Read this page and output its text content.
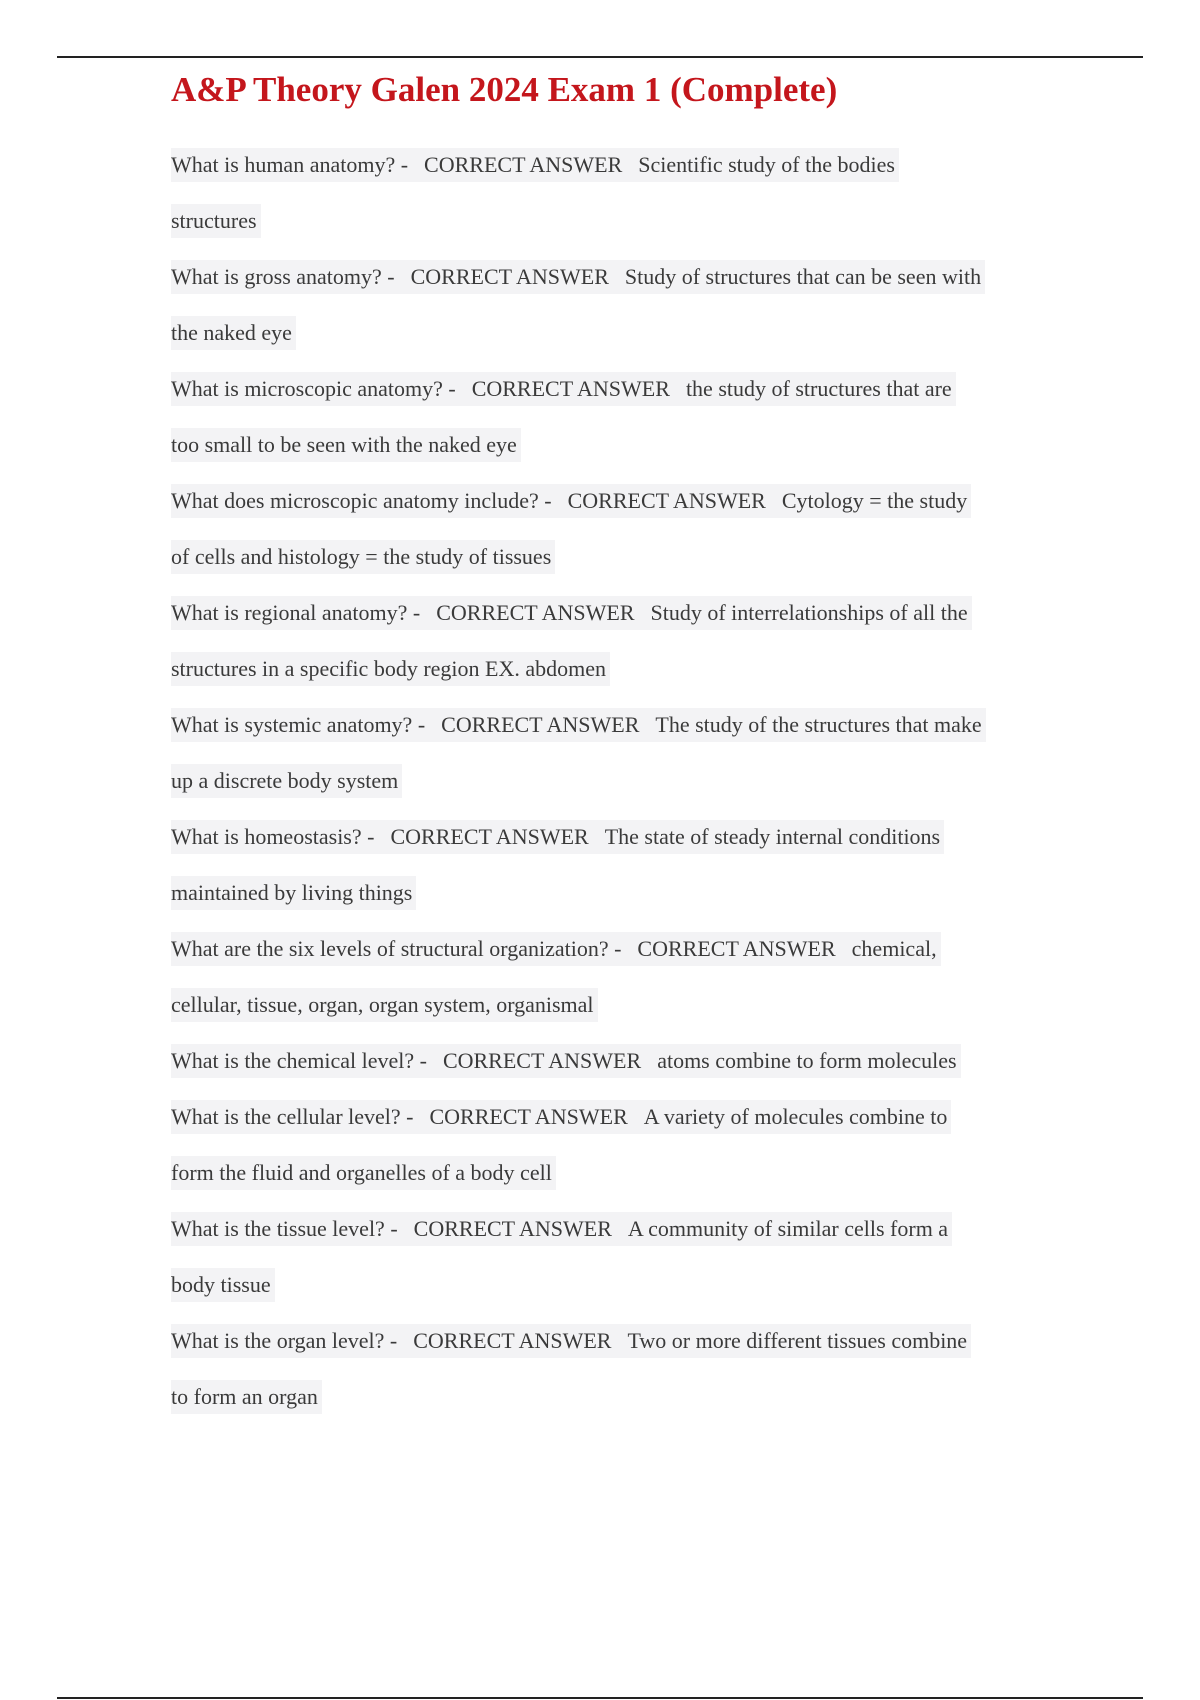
A&P Theory Galen 2024 Exam 1 (Complete)
What is human anatomy? - CORRECT ANSWER Scientific study of the bodies
structures
What is gross anatomy? - CORRECT ANSWER Study of structures that can be seen with
the naked eye
What is microscopic anatomy? - CORRECT ANSWER the study of structures that are
too small to be seen with the naked eye
What does microscopic anatomy include? - CORRECT ANSWER Cytology = the study
of cells and histology = the study of tissues
What is regional anatomy? - CORRECT ANSWER Study of interrelationships of all the
structures in a specific body region EX. abdomen
What is systemic anatomy? - CORRECT ANSWER The study of the structures that make
up a discrete body system
What is homeostasis? - CORRECT ANSWER The state of steady internal conditions
maintained by living things
What are the six levels of structural organization? - CORRECT ANSWER chemical,
cellular, tissue, organ, organ system, organismal
What is the chemical level? - CORRECT ANSWER atoms combine to form molecules
What is the cellular level? - CORRECT ANSWER A variety of molecules combine to
form the fluid and organelles of a body cell
What is the tissue level? - CORRECT ANSWER A community of similar cells form a
body tissue
What is the organ level? - CORRECT ANSWER Two or more different tissues combine
to form an organ
